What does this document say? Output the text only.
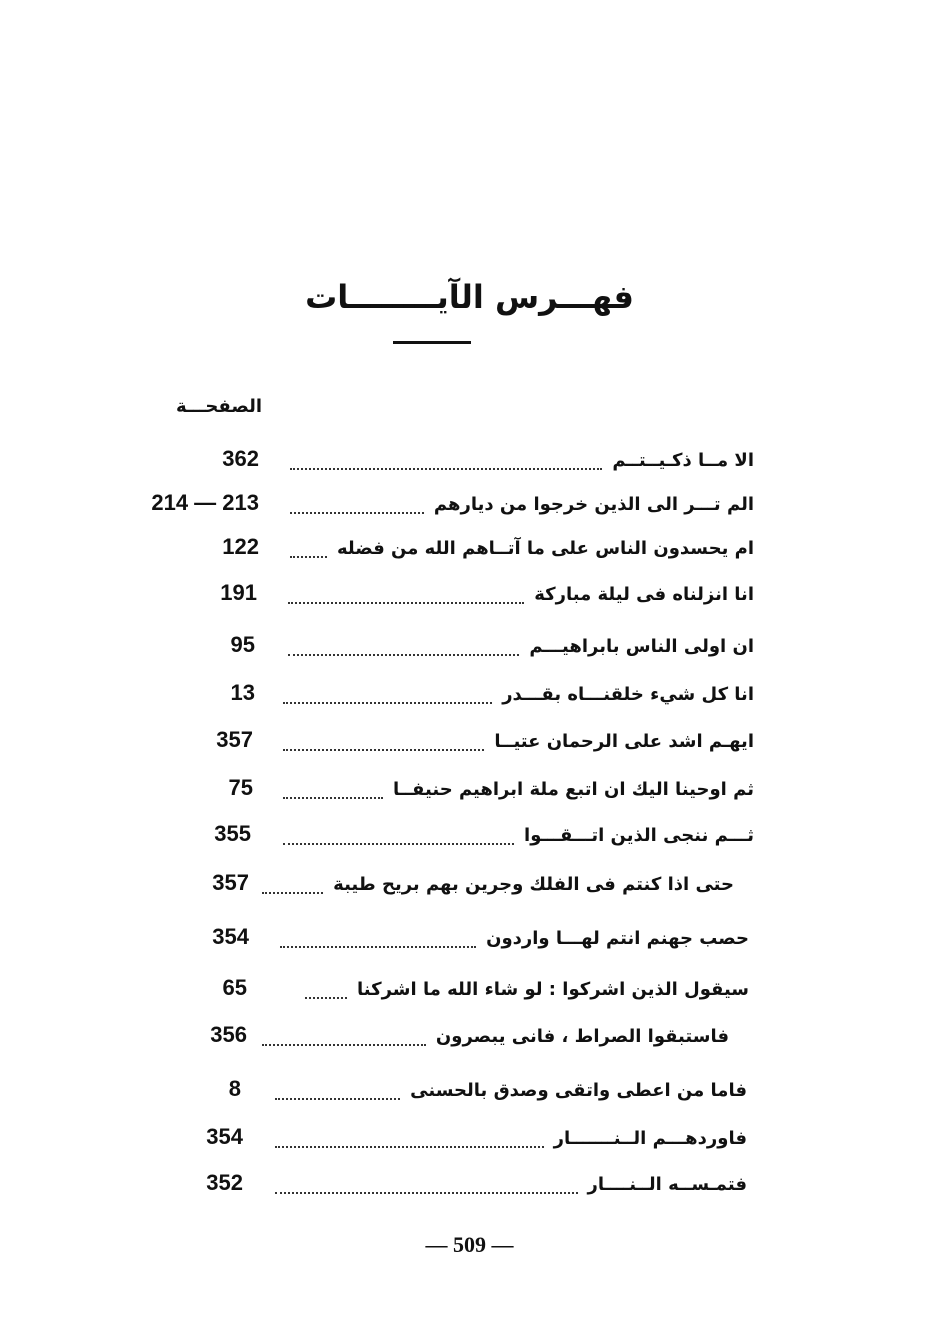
فهـــرس الآيــــــــات
الصفحـــة
362	الا مــا ذكـيــتــم
214 — 213	الم تـــر الى الذين خرجوا من ديارهم
122	ام يحسدون الناس على ما آتــاهم الله من فضله
191	انا انزلناه فى ليلة مباركة
95	ان اولى الناس بابراهيـــم
13	انا كل شيء خلقنـــاه بقـــدر
357	ايهـم اشد على الرحمان عتيــا
75	ثم اوحينا اليك ان اتبع ملة ابراهيم حنيفــا
355	ثـــم ننجى الذين اتـــقـــوا
357	حتى اذا كنتم فى الفلك وجرين بهم بريح طيبة
354	حصب جهنم انتم لهـــا واردون
65	سيقول الذين اشركوا : لو شاء الله ما اشركنا
356	فاستبقوا الصراط ، فانى يبصرون
8	فاما من اعطى واتقى وصدق بالحسنى
354	فاوردهـــم الــنـــــــار
352	فتمـســه الــنــــار
— 509 —
